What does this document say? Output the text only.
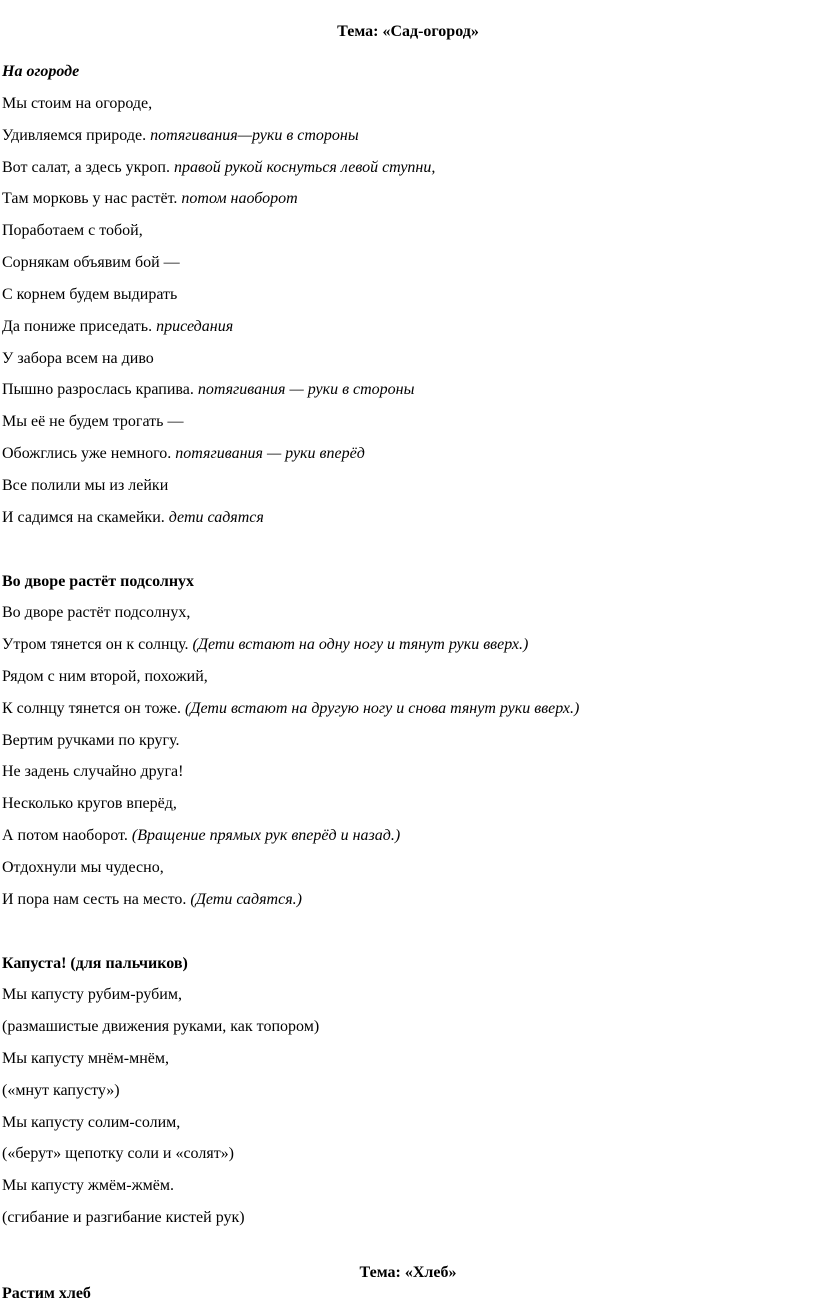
Тема: «Сад-огород»
На огороде
Мы стоим на огороде,
Удивляемся природе. потягивания—руки в стороны
Вот салат, а здесь укроп. правой рукой коснуться левой ступни,
Там морковь у нас растёт. потом наоборот
Поработаем с тобой,
Сорнякам объявим бой —
С корнем будем выдирать
Да пониже приседать. приседания
У забора всем на диво
Пышно разрослась крапива. потягивания — руки в стороны
Мы её не будем трогать —
Обожглись уже немного. потягивания — руки вперёд
Все полили мы из лейки
И садимся на скамейки. дети садятся
Во дворе растёт подсолнух
Во дворе растёт подсолнух,
Утром тянется он к солнцу. (Дети встают на одну ногу и тянут руки вверх.)
Рядом с ним второй, похожий,
К солнцу тянется он тоже. (Дети встают на другую ногу и снова тянут руки вверх.)
Вертим ручками по кругу.
Не задень случайно друга!
Несколько кругов вперёд,
А потом наоборот. (Вращение прямых рук вперёд и назад.)
Отдохнули мы чудесно,
И пора нам сесть на место. (Дети садятся.)
Капуста! (для пальчиков)
Мы капусту рубим-рубим,
(размашистые движения руками, как топором)
Мы капусту мнём-мнём,
(«мнут капусту»)
Мы капусту солим-солим,
(«берут» щепотку соли и «солят»)
Мы капусту жмём-жмём.
(сгибание и разгибание кистей рук)
Тема: «Хлеб»
Растим хлеб
